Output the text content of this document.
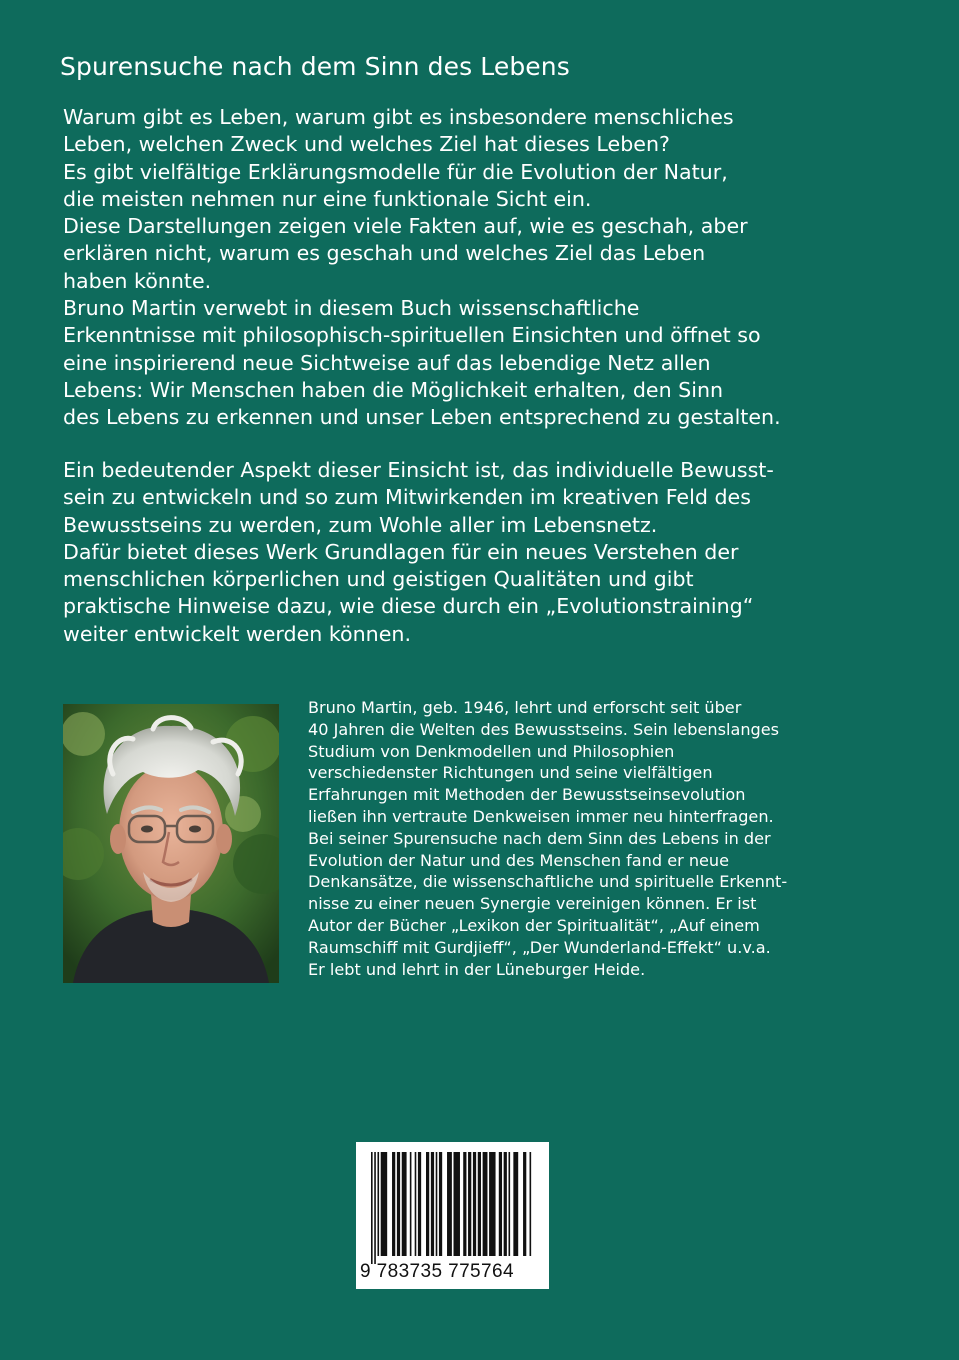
Spurensuche nach dem Sinn des Lebens
Warum gibt es Leben, warum gibt es insbesondere menschliches
Leben, welchen Zweck und welches Ziel hat dieses Leben?
Es gibt vielfältige Erklärungsmodelle für die Evolution der Natur,
die meisten nehmen nur eine funktionale Sicht ein.
Diese Darstellungen zeigen viele Fakten auf, wie es geschah, aber
erklären nicht, warum es geschah und welches Ziel das Leben
haben könnte.
Bruno Martin verwebt in diesem Buch wissenschaftliche
Erkenntnisse mit philosophisch-spirituellen Einsichten und öffnet so
eine inspirierend neue Sichtweise auf das lebendige Netz allen
Lebens: Wir Menschen haben die Möglichkeit erhalten, den Sinn
des Lebens zu erkennen und unser Leben entsprechend zu gestalten.
Ein bedeutender Aspekt dieser Einsicht ist, das individuelle Bewusst-
sein zu entwickeln und so zum Mitwirkenden im kreativen Feld des
Bewusstseins zu werden, zum Wohle aller im Lebensnetz.
Dafür bietet dieses Werk Grundlagen für ein neues Verstehen der
menschlichen körperlichen und geistigen Qualitäten und gibt
praktische Hinweise dazu, wie diese durch ein „Evolutionstraining“
weiter entwickelt werden können.
Bruno Martin, geb. 1946, lehrt und erforscht seit über
40 Jahren die Welten des Bewusstseins. Sein lebenslanges
Studium von Denkmodellen und Philosophien
verschiedenster Richtungen und seine vielfältigen
Erfahrungen mit Methoden der Bewusstseinsevolution
ließen ihn vertraute Denkweisen immer neu hinterfragen.
Bei seiner Spurensuche nach dem Sinn des Lebens in der
Evolution der Natur und des Menschen fand er neue
Denkansätze, die wissenschaftliche und spirituelle Erkennt-
nisse zu einer neuen Synergie vereinigen können. Er ist
Autor der Bücher „Lexikon der Spiritualität“, „Auf einem
Raumschiff mit Gurdjieff“, „Der Wunderland-Effekt“ u.v.a.
Er lebt und lehrt in der Lüneburger Heide.
9 783735 775764
